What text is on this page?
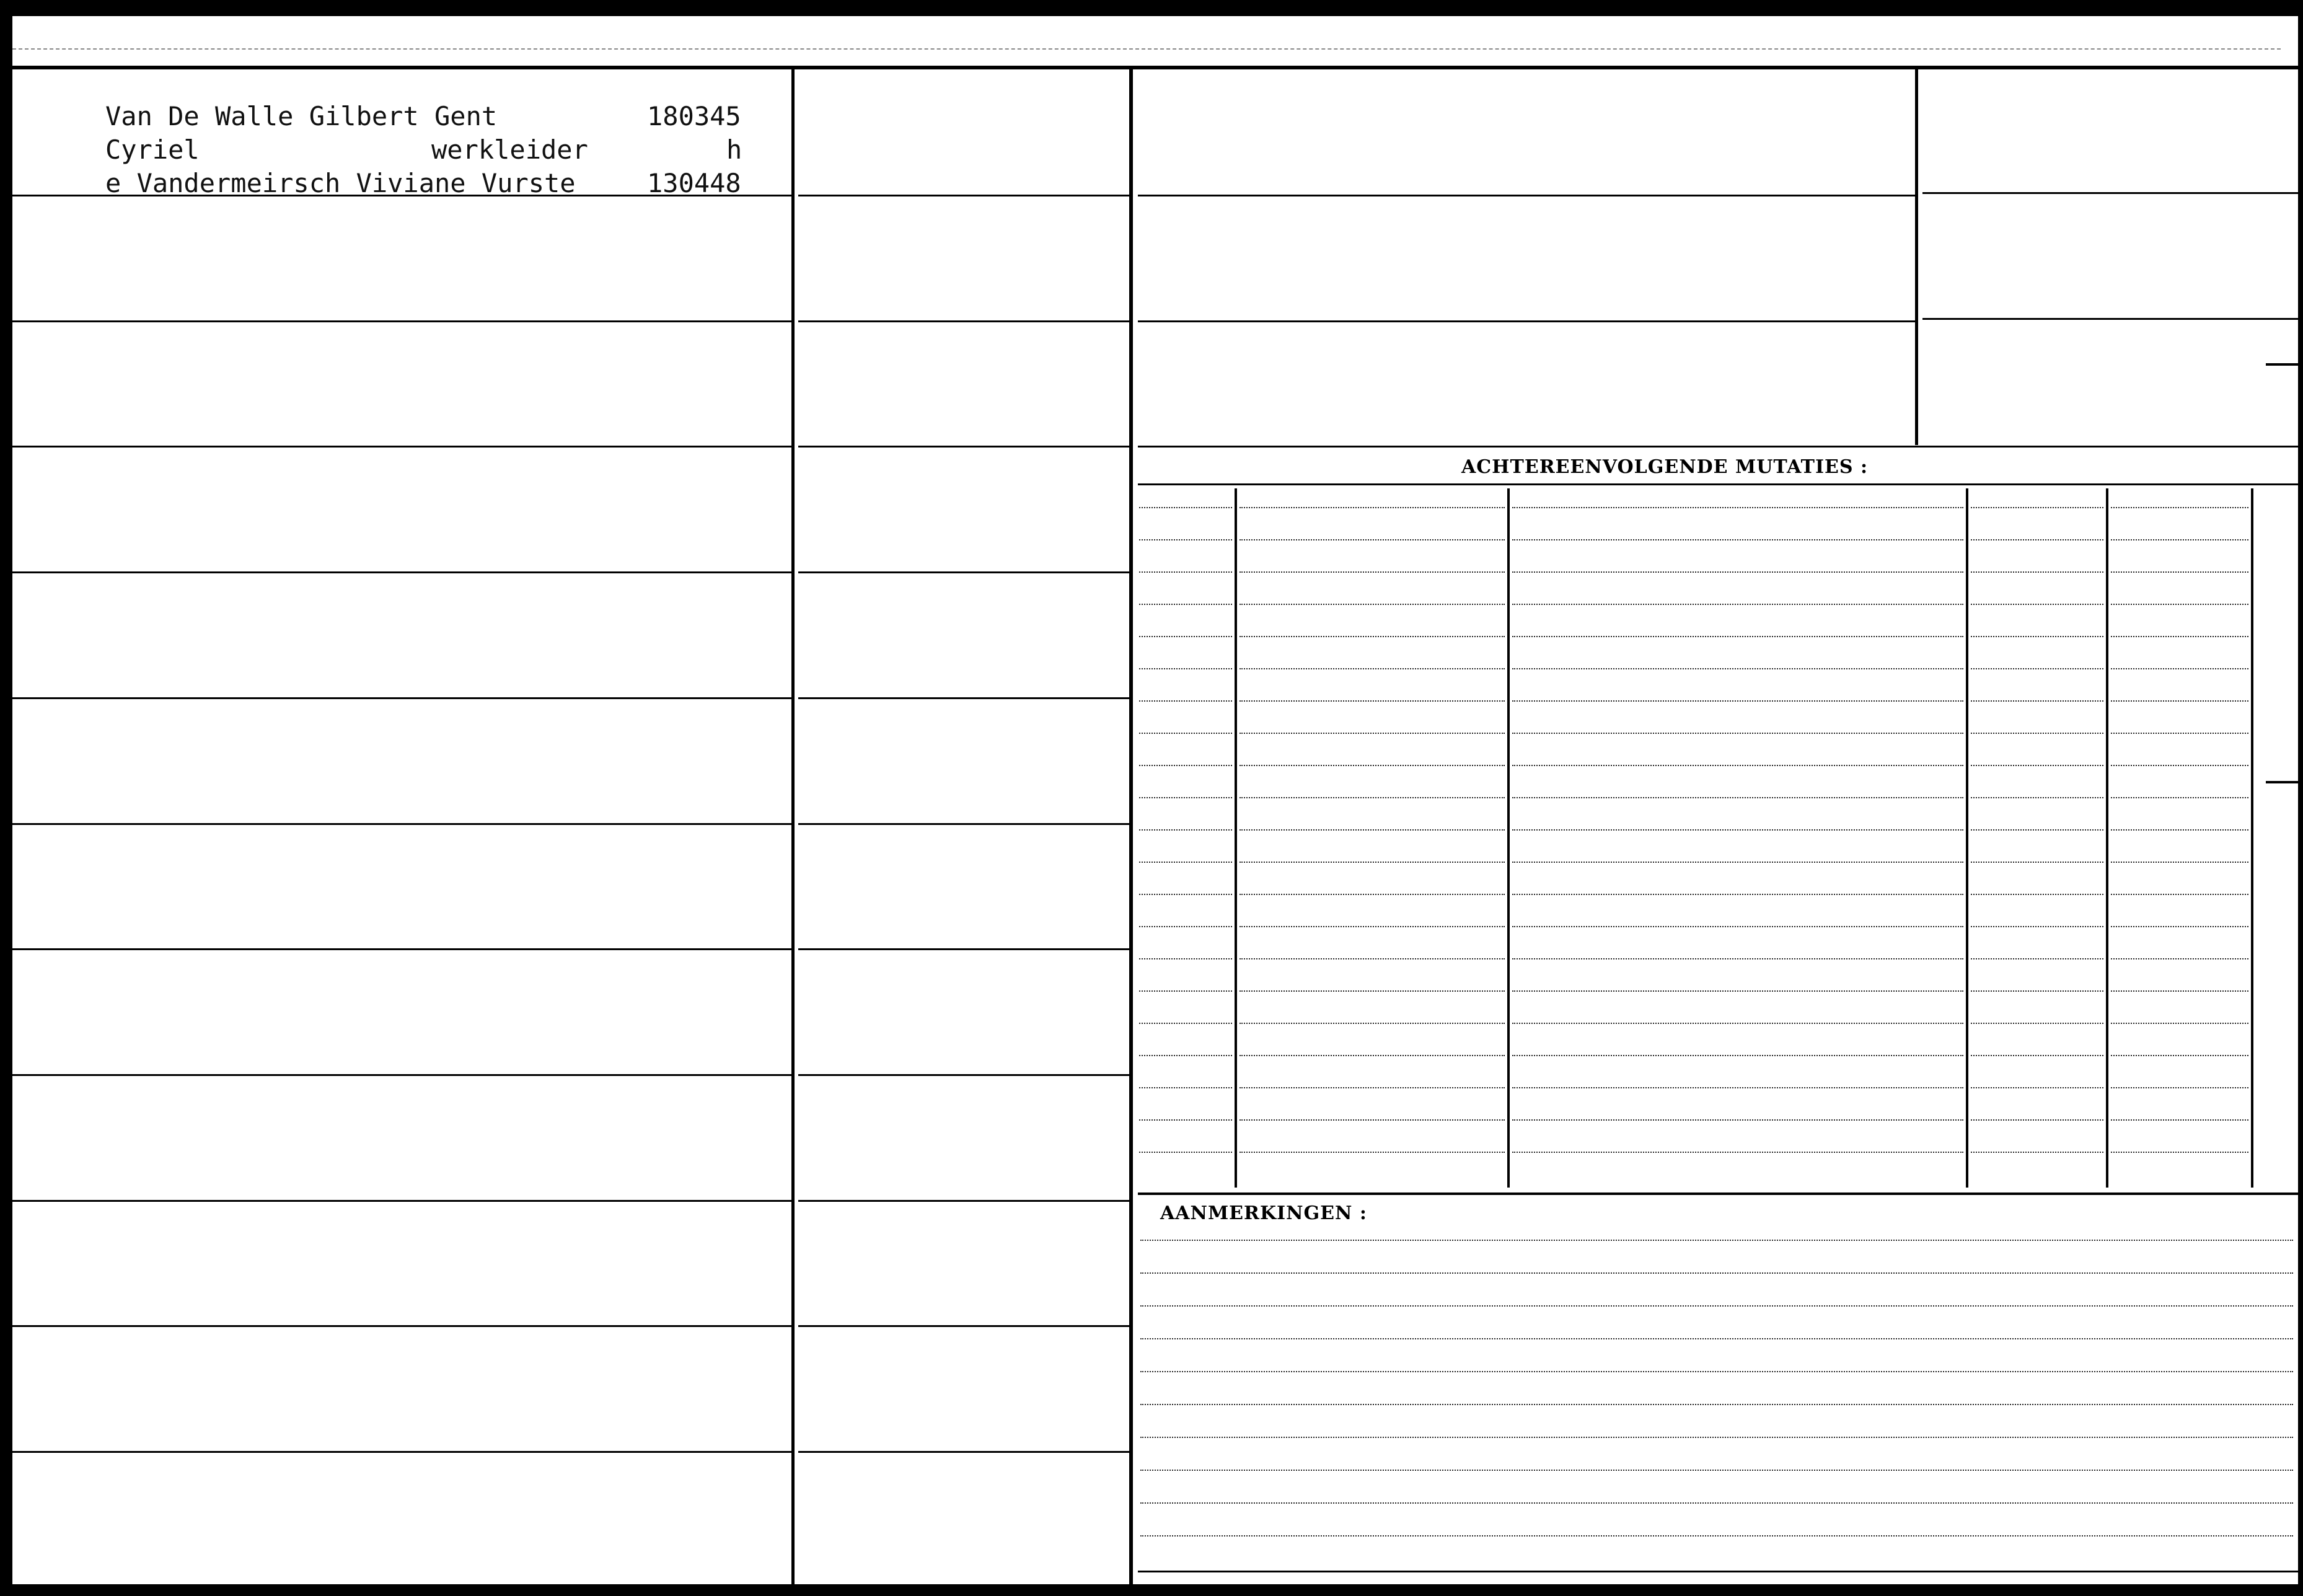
ACHTEREENVOLGENDE MUTATIES :
AANMERKINGEN :
Van De Walle Gilbert Gent	180345
Cyriel	werkleider	h
e Vandermeirsch Viviane Vurste	130448
